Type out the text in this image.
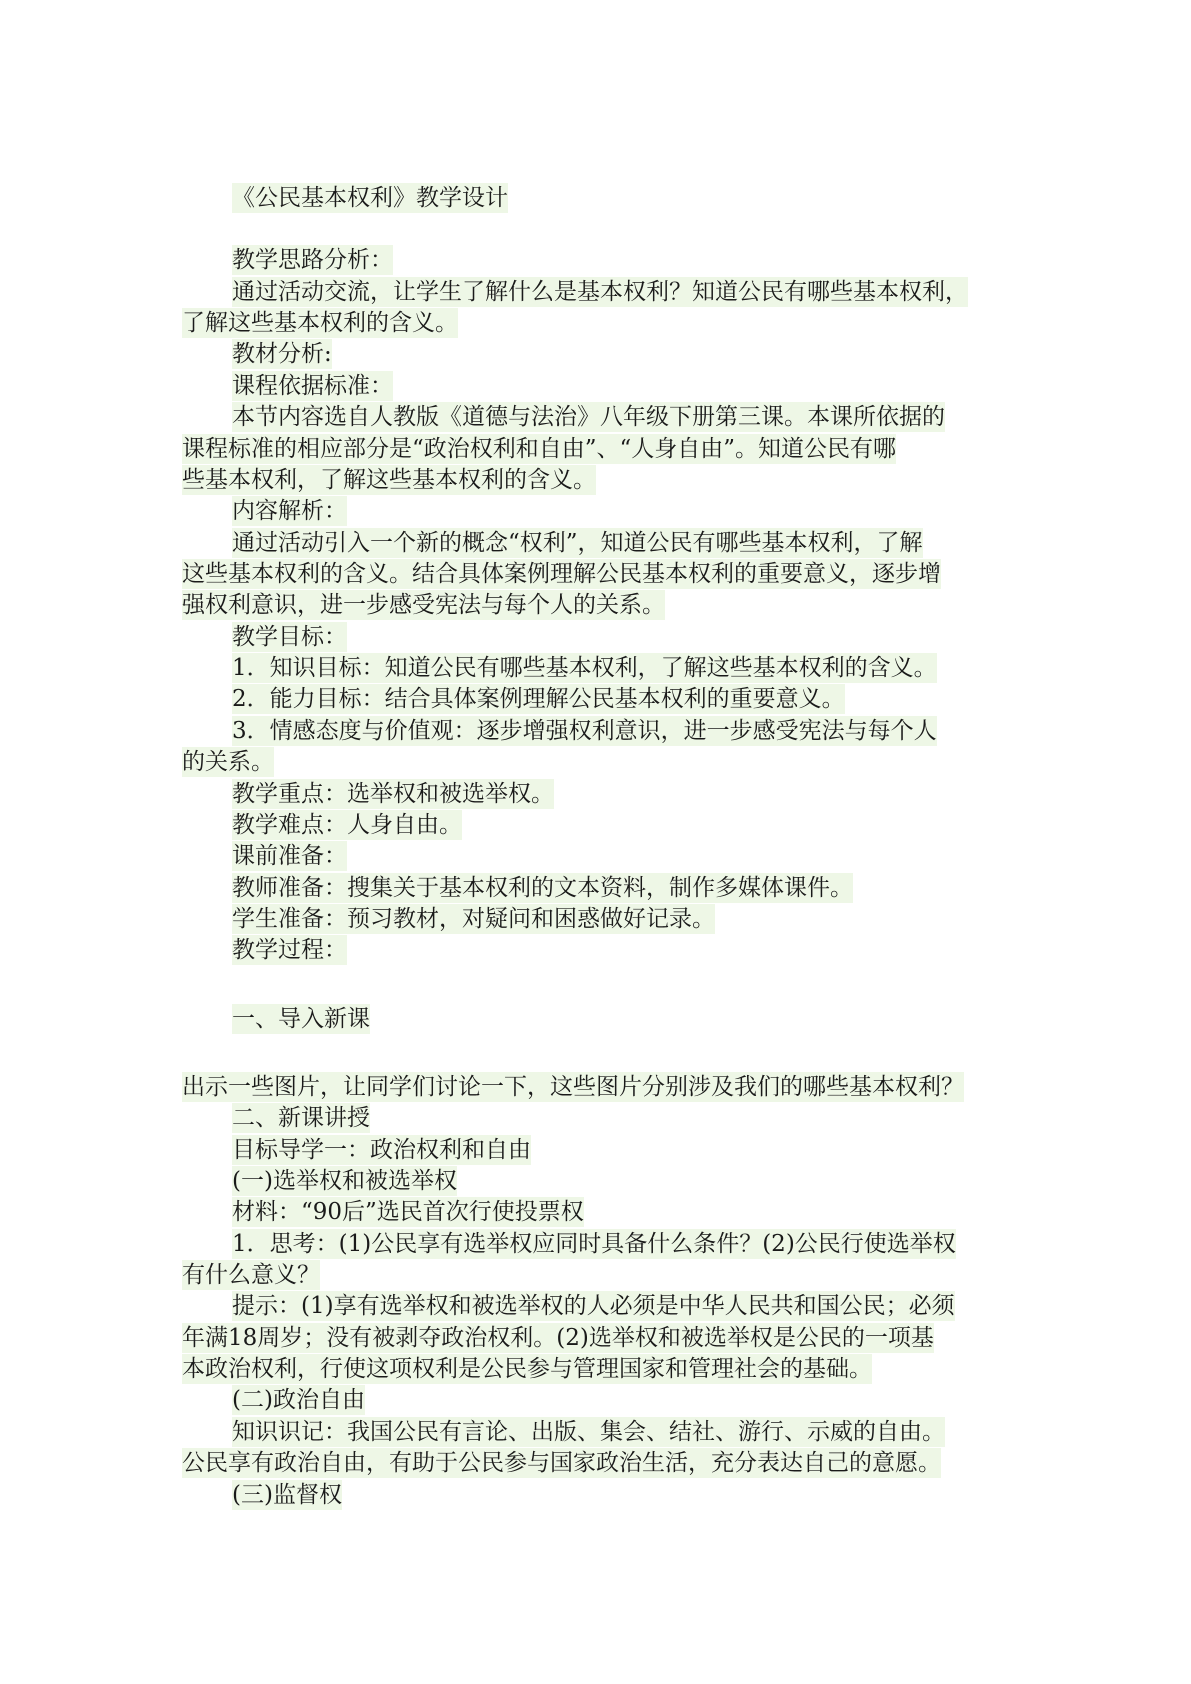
《公民基本权利》教学设计
教学思路分析：
通过活动交流，让学生了解什么是基本权利？知道公民有哪些基本权利，
了解这些基本权利的含义。
教材分析:
课程依据标准：
本节内容选自人教版《道德与法治》八年级下册第三课。本课所依据的
课程标准的相应部分是“政治权利和自由”、“人身自由”。知道公民有哪
些基本权利，了解这些基本权利的含义。
内容解析：
通过活动引入一个新的概念“权利”，知道公民有哪些基本权利，了解
这些基本权利的含义。结合具体案例理解公民基本权利的重要意义，逐步增
强权利意识，进一步感受宪法与每个人的关系。
教学目标：
1．知识目标：知道公民有哪些基本权利，了解这些基本权利的含义。
2．能力目标：结合具体案例理解公民基本权利的重要意义。
3．情感态度与价值观：逐步增强权利意识，进一步感受宪法与每个人
的关系。
教学重点：选举权和被选举权。
教学难点：人身自由。
课前准备：
教师准备：搜集关于基本权利的文本资料，制作多媒体课件。
学生准备：预习教材，对疑问和困惑做好记录。
教学过程：
一、导入新课
出示一些图片，让同学们讨论一下，这些图片分别涉及我们的哪些基本权利？
二、新课讲授
目标导学一：政治权利和自由
(一)选举权和被选举权
材料：“90后”选民首次行使投票权
1．思考：(1)公民享有选举权应同时具备什么条件？(2)公民行使选举权
有什么意义？
提示：(1)享有选举权和被选举权的人必须是中华人民共和国公民；必须
年满18周岁；没有被剥夺政治权利。(2)选举权和被选举权是公民的一项基
本政治权利，行使这项权利是公民参与管理国家和管理社会的基础。
(二)政治自由
知识识记：我国公民有言论、出版、集会、结社、游行、示威的自由。
公民享有政治自由，有助于公民参与国家政治生活，充分表达自己的意愿。
(三)监督权
